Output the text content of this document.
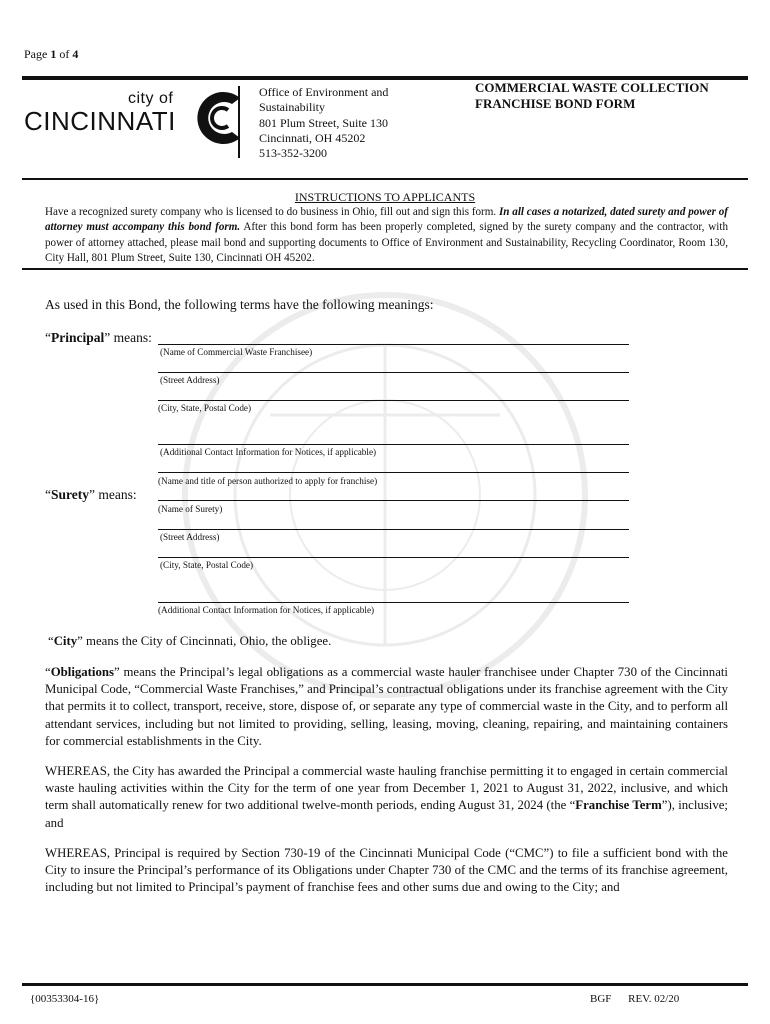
Page 1 of 4
city of
CINCINNATI
Office of Environment and
Sustainability
801 Plum Street, Suite 130
Cincinnati, OH 45202
513-352-3200
COMMERCIAL WASTE COLLECTION
FRANCHISE BOND FORM
INSTRUCTIONS TO APPLICANTS
Have a recognized surety company who is licensed to do business in Ohio, fill out and sign this form. In all cases a notarized, dated surety and power of attorney must accompany this bond form. After this bond form has been properly completed, signed by the surety company and the contractor, with power of attorney attached, please mail bond and supporting documents to Office of Environment and Sustainability, Recycling Coordinator, Room 130, City Hall, 801 Plum Street, Suite 130, Cincinnati OH 45202.
As used in this Bond, the following terms have the following meanings:
“Principal” means:
(Name of Commercial Waste Franchisee)
(Street Address)
(City, State, Postal Code)
(Additional Contact Information for Notices, if applicable)
(Name and title of person authorized to apply for franchise)
“Surety” means:
(Name of Surety)
(Street Address)
(City, State, Postal Code)
(Additional Contact Information for Notices, if applicable)
“City” means the City of Cincinnati, Ohio, the obligee.
“Obligations” means the Principal’s legal obligations as a commercial waste hauler franchisee under Chapter 730 of the Cincinnati Municipal Code, “Commercial Waste Franchises,” and Principal’s contractual obligations under its franchise agreement with the City that permits it to collect, transport, receive, store, dispose of, or separate any type of commercial waste in the City, and to perform all attendant services, including but not limited to providing, selling, leasing, moving, cleaning, repairing, and maintaining containers for commercial establishments in the City.
WHEREAS, the City has awarded the Principal a commercial waste hauling franchise permitting it to engaged in certain commercial waste hauling activities within the City for the term of one year from December 1, 2021 to August 31, 2022, inclusive, and which term shall automatically renew for two additional twelve-month periods, ending August 31, 2024 (the “Franchise Term”), inclusive; and
WHEREAS, Principal is required by Section 730-19 of the Cincinnati Municipal Code (“CMC”) to file a sufficient bond with the City to insure the Principal’s performance of its Obligations under Chapter 730 of the CMC and the terms of its franchise agreement, including but not limited to Principal’s payment of franchise fees and other sums due and owing to the City; and
{00353304-16}	BGF REV. 02/20
